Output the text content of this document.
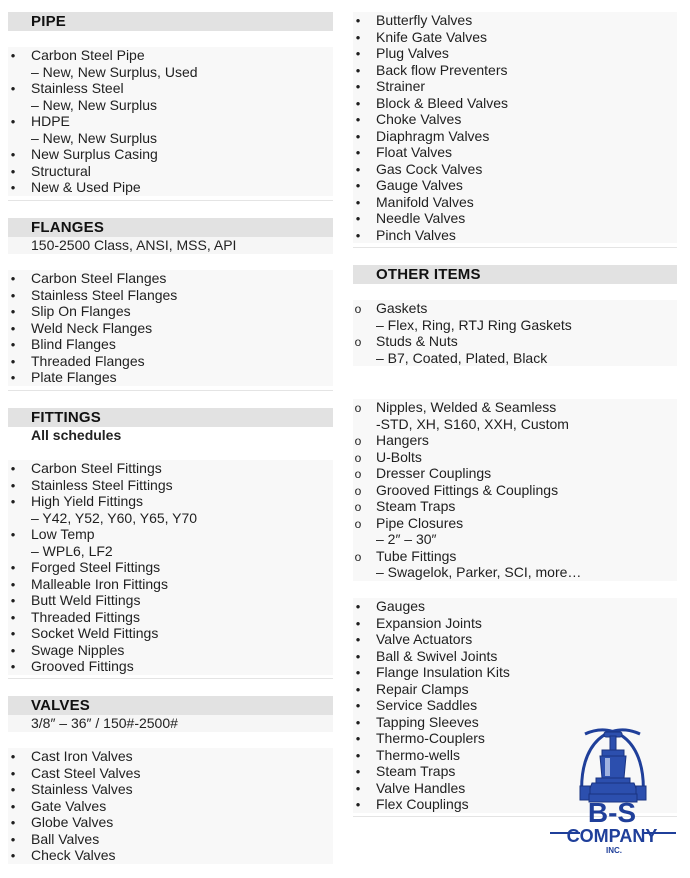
PIPE
•
Carbon Steel Pipe
– New, New Surplus, Used
•
Stainless Steel
– New, New Surplus
•
HDPE
– New, New Surplus
•
New Surplus Casing
•
Structural
•
New & Used Pipe
FLANGES
150-2500 Class, ANSI, MSS, API
•
Carbon Steel Flanges
•
Stainless Steel Flanges
•
Slip On Flanges
•
Weld Neck Flanges
•
Blind Flanges
•
Threaded Flanges
•
Plate Flanges
FITTINGS
All schedules
•
Carbon Steel Fittings
•
Stainless Steel Fittings
•
High Yield Fittings
– Y42, Y52, Y60, Y65, Y70
•
Low Temp
– WPL6, LF2
•
Forged Steel Fittings
•
Malleable Iron Fittings
•
Butt Weld Fittings
•
Threaded Fittings
•
Socket Weld Fittings
•
Swage Nipples
•
Grooved Fittings
VALVES
3/8″ – 36″ / 150#-2500#
•
Cast Iron Valves
•
Cast Steel Valves
•
Stainless Valves
•
Gate Valves
•
Globe Valves
•
Ball Valves
•
Check Valves
•
Butterfly Valves
•
Knife Gate Valves
•
Plug Valves
•
Back flow Preventers
•
Strainer
•
Block & Bleed Valves
•
Choke Valves
•
Diaphragm Valves
•
Float Valves
•
Gas Cock Valves
•
Gauge Valves
•
Manifold Valves
•
Needle Valves
•
Pinch Valves
OTHER ITEMS
o
Gaskets
– Flex, Ring, RTJ Ring Gaskets
o
Studs & Nuts
– B7, Coated, Plated, Black
o
Nipples, Welded & Seamless
-STD, XH, S160, XXH, Custom
o
Hangers
o
U-Bolts
o
Dresser Couplings
o
Grooved Fittings & Couplings
o
Steam Traps
o
Pipe Closures
– 2″ – 30″
o
Tube Fittings
– Swagelok, Parker, SCI, more…
•
Gauges
•
Expansion Joints
•
Valve Actuators
•
Ball & Swivel Joints
•
Flange Insulation Kits
•
Repair Clamps
•
Service Saddles
•
Tapping Sleeves
•
Thermo-Couplers
•
Thermo-wells
•
Steam Traps
•
Valve Handles
•
Flex Couplings	B-S
COMPANY
INC.
